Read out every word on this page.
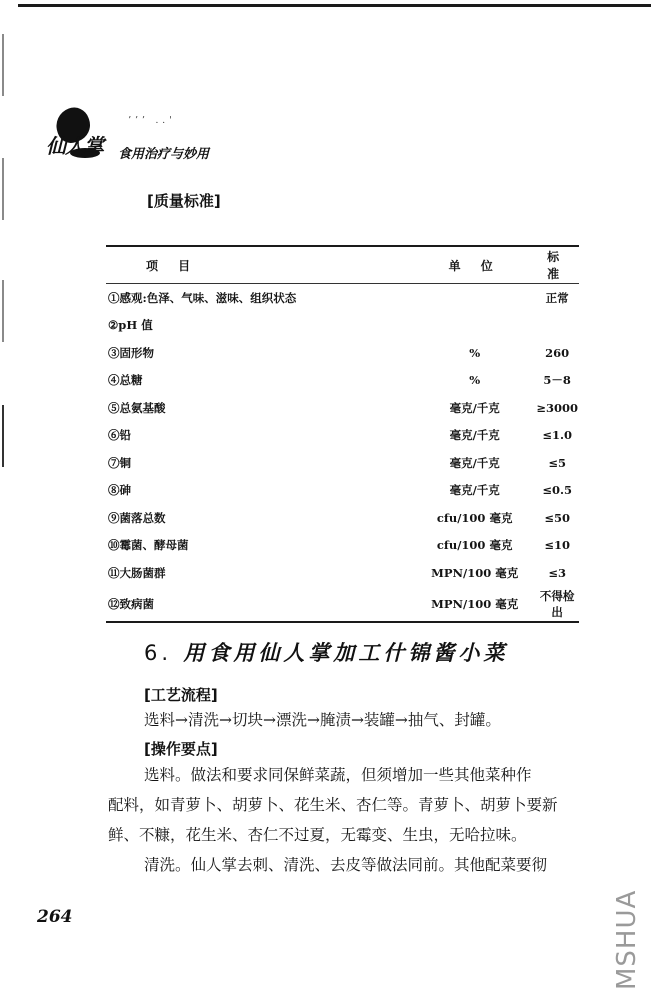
ʼʼʼ ..'
仙人掌 食用治疗与妙用
[质量标准]
项 目	单 位	标 准
①感观:色泽、气味、滋味、组织状态		正常
②pH 值		
③固形物	%	260
④总糖	%	5－8
⑤总氨基酸	毫克/千克	≥3000
⑥铅	毫克/千克	≤1.0
⑦铜	毫克/千克	≤5
⑧砷	毫克/千克	≤0.5
⑨菌落总数	cfu/100 毫克	≤50
⑩霉菌、酵母菌	cfu/100 毫克	≤10
⑪大肠菌群	MPN/100 毫克	≤3
⑫致病菌	MPN/100 毫克	不得检出
6. 用食用仙人掌加工什锦酱小菜
[工艺流程]
选料→清洗→切块→漂洗→腌渍→装罐→抽气、封罐。
[操作要点]
选料。做法和要求同保鲜菜蔬，但须增加一些其他菜种作
配料，如青萝卜、胡萝卜、花生米、杏仁等。青萝卜、胡萝卜要新
鲜、不糠，花生米、杏仁不过夏，无霉变、生虫，无哈拉味。
清洗。仙人掌去刺、清洗、去皮等做法同前。其他配菜要彻
264	MSHUA
